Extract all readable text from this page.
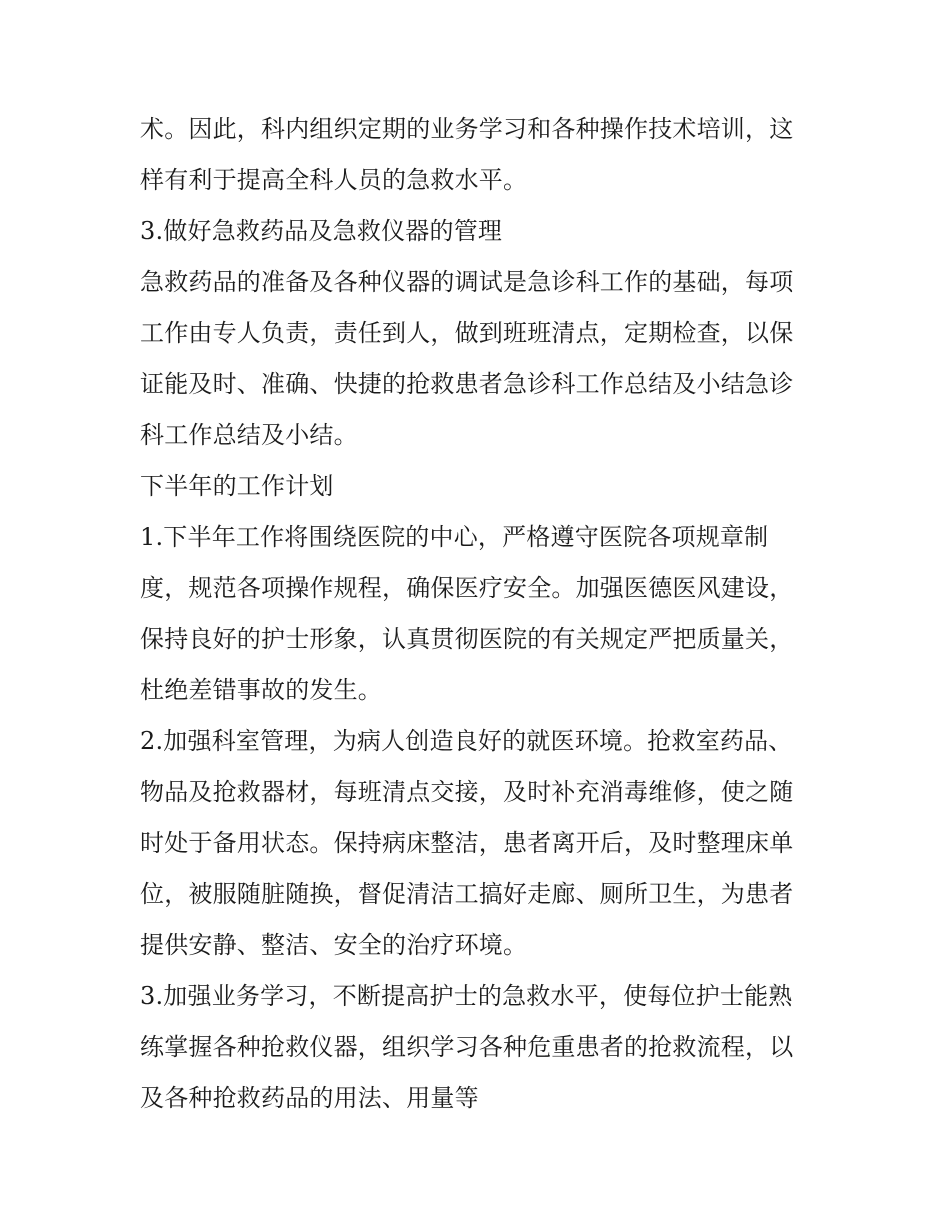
术。因此，科内组织定期的业务学习和各种操作技术培训，这
样有利于提高全科人员的急救水平。
3.做好急救药品及急救仪器的管理
急救药品的准备及各种仪器的调试是急诊科工作的基础，每项
工作由专人负责，责任到人，做到班班清点，定期检查，以保
证能及时、准确、快捷的抢救患者急诊科工作总结及小结急诊
科工作总结及小结。
下半年的工作计划
1.下半年工作将围绕医院的中心，严格遵守医院各项规章制
度，规范各项操作规程，确保医疗安全。加强医德医风建设，
保持良好的护士形象，认真贯彻医院的有关规定严把质量关，
杜绝差错事故的发生。
2.加强科室管理，为病人创造良好的就医环境。抢救室药品、
物品及抢救器材，每班清点交接，及时补充消毒维修，使之随
时处于备用状态。保持病床整洁，患者离开后，及时整理床单
位，被服随脏随换，督促清洁工搞好走廊、厕所卫生，为患者
提供安静、整洁、安全的治疗环境。
3.加强业务学习，不断提高护士的急救水平，使每位护士能熟
练掌握各种抢救仪器，组织学习各种危重患者的抢救流程，以
及各种抢救药品的用法、用量等
